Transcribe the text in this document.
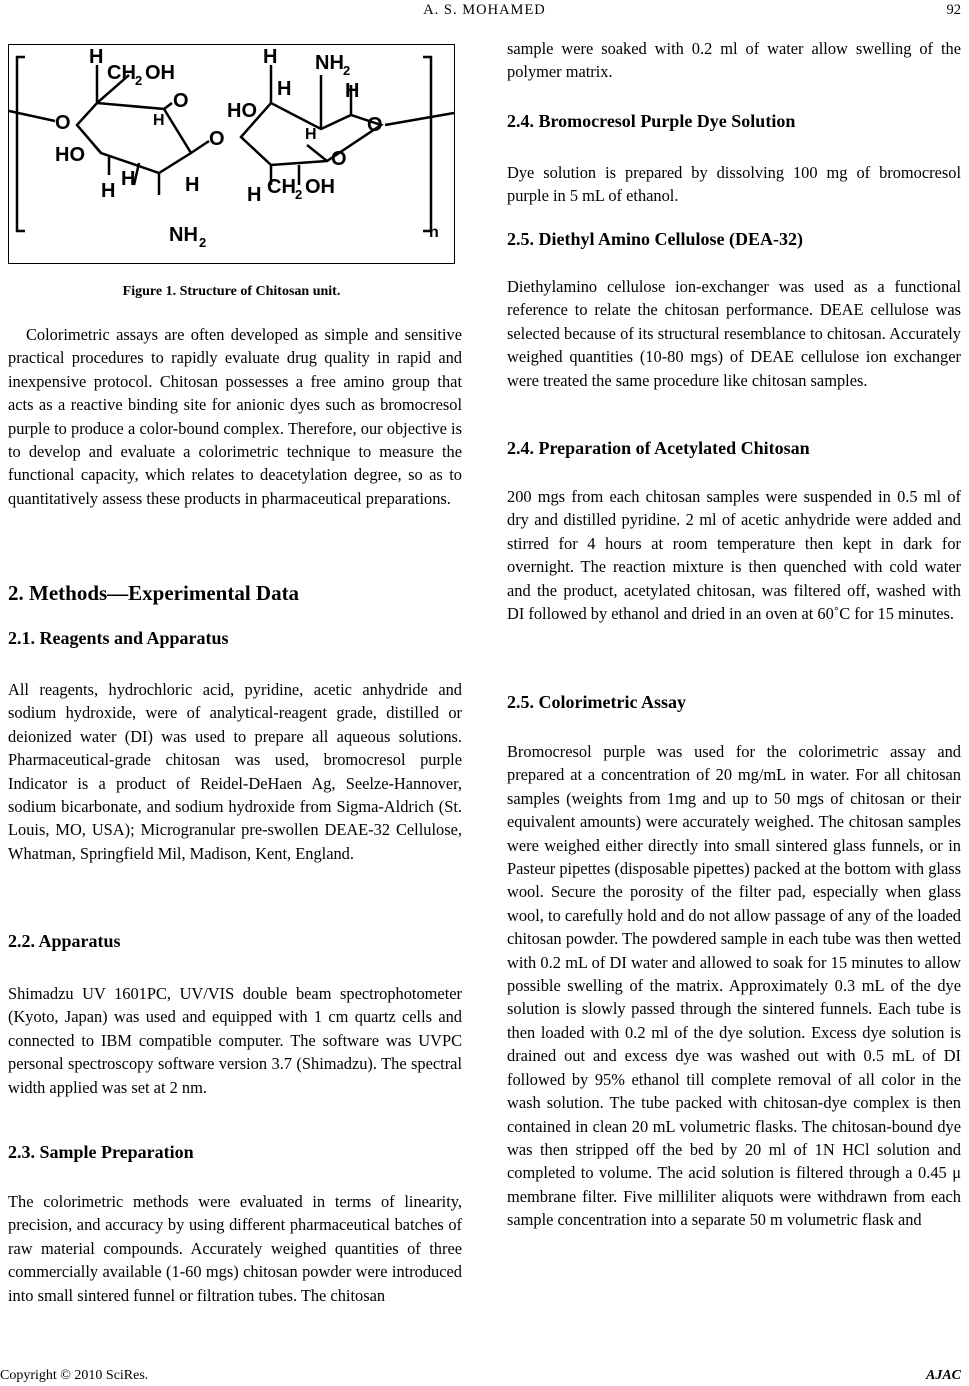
A. S. MOHAMED	92
H
CH 2 OH
O
H
O
HO
H
H H
NH 2
O
HO
H
H
NH 2
H
H
O
H CH 2 OH
O
n
Figure 1. Structure of Chitosan unit.

Colorimetric assays are often developed as simple and sensitive practical procedures to rapidly evaluate drug quality in rapid and inexpensive protocol. Chitosan possesses a free amino group that acts as a reactive binding site for anionic dyes such as bromocresol purple to produce a color-bound complex. Therefore, our objective is to develop and evaluate a colorimetric technique to measure the functional capacity, which relates to deacetylation degree, so as to quantitatively assess these products in pharmaceutical preparations.

2. Methods—Experimental Data
2.1. Reagents and Apparatus

All reagents, hydrochloric acid, pyridine, acetic anhydride and sodium hydroxide, were of analytical-reagent grade, distilled or deionized water (DI) was used to prepare all aqueous solutions. Pharmaceutical-grade chitosan was used, bromocresol purple Indicator is a product of Reidel-DeHaen Ag, Seelze-Hannover, sodium bicarbonate, and sodium hydroxide from Sigma-Aldrich (St. Louis, MO, USA); Microgranular pre-swollen DEAE-32 Cellulose, Whatman, Springfield Mil, Madison, Kent, England.

2.2. Apparatus

Shimadzu UV 1601PC, UV/VIS double beam spectrophotometer (Kyoto, Japan) was used and equipped with 1 cm quartz cells and connected to IBM compatible computer. The software was UVPC personal spectroscopy software version 3.7 (Shimadzu). The spectral width applied was set at 2 nm.

2.3. Sample Preparation

The colorimetric methods were evaluated in terms of linearity, precision, and accuracy by using different pharmaceutical batches of raw material compounds. Accurately weighed quantities of three commercially available (1-60 mgs) chitosan powder were introduced into small sintered funnel or filtration tubes. The chitosan

sample were soaked with 0.2 ml of water allow swelling of the polymer matrix.

2.4. Bromocresol Purple Dye Solution

Dye solution is prepared by dissolving 100 mg of bromocresol purple in 5 mL of ethanol.

2.5. Diethyl Amino Cellulose (DEA-32)

Diethylamino cellulose ion-exchanger was used as a functional reference to relate the chitosan performance. DEAE cellulose was selected because of its structural resemblance to chitosan. Accurately weighed quantities (10-80 mgs) of DEAE cellulose ion exchanger were treated the same procedure like chitosan samples.

2.4. Preparation of Acetylated Chitosan

200 mgs from each chitosan samples were suspended in 0.5 ml of dry and distilled pyridine. 2 ml of acetic anhydride were added and stirred for 4 hours at room temperature then kept in dark for overnight. The reaction mixture is then quenched with cold water and the product, acetylated chitosan, was filtered off, washed with DI followed by ethanol and dried in an oven at 60˚C for 15 minutes.

2.5. Colorimetric Assay

Bromocresol purple was used for the colorimetric assay and prepared at a concentration of 20 mg/mL in water. For all chitosan samples (weights from 1mg and up to 50 mgs of chitosan or their equivalent amounts) were accurately weighed. The chitosan samples were weighed either directly into small sintered glass funnels, or in Pasteur pipettes (disposable pipettes) packed at the bottom with glass wool. Secure the porosity of the filter pad, especially when glass wool, to carefully hold and do not allow passage of any of the loaded chitosan powder. The powdered sample in each tube was then wetted with 0.2 mL of DI water and allowed to soak for 15 minutes to allow possible swelling of the matrix. Approximately 0.3 mL of the dye solution is slowly passed through the sintered funnels. Each tube is then loaded with 0.2 ml of the dye solution. Excess dye solution is drained out and excess dye was washed out with 0.5 mL of DI followed by 95% ethanol till complete removal of all color in the wash solution. The tube packed with chitosan-dye complex is then contained in clean 20 mL volumetric flasks. The chitosan-bound dye was then stripped off the bed by 20 ml of 1N HCl solution and completed to volume. The acid solution is filtered through a 0.45 μ membrane filter. Five milliliter aliquots were withdrawn from each sample concentration into a separate 50 m volumetric flask and

Copyright © 2010 SciRes.	AJAC
